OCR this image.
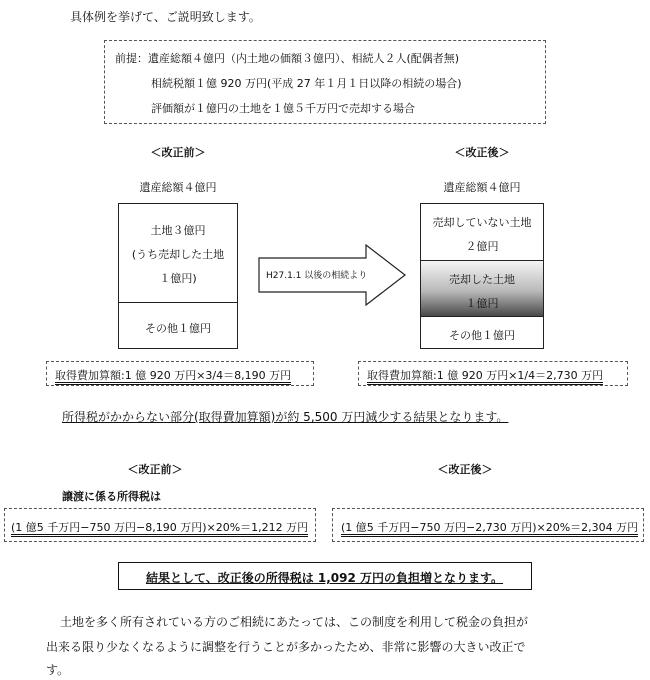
具体例を挙げて、ご説明致します。
前提：遺産総額４億円（内土地の価額３億円）、相続人２人(配偶者無)
相続税額１億 920 万円(平成 27 年１月１日以降の相続の場合)
評価額が１億円の土地を１億５千万円で売却する場合
＜改正前＞
遺産総額４億円
土地３億円
(うち売却した土地
１億円)
その他１億円
H27.1.1 以後の相続より
＜改正後＞
遺産総額４億円
売却していない土地
２億円
売却した土地
１億円
その他１億円
取得費加算額:1 億 920 万円×3/4＝8,190 万円	取得費加算額:1 億 920 万円×1/4＝2,730 万円
所得税がかからない部分(取得費加算額)が約 5,500 万円減少する結果となります。
＜改正前＞	＜改正後＞
譲渡に係る所得税は
(1 億5 千万円−750 万円−8,190 万円)×20%＝1,212 万円	(1 億5 千万円−750 万円−2,730 万円)×20%＝2,304 万円
結果として、改正後の所得税は 1,092 万円の負担増となります。
土地を多く所有されている方のご相続にあたっては、この制度を利用して税金の負担が
出来る限り少なくなるように調整を行うことが多かったため、非常に影響の大きい改正で
す。
